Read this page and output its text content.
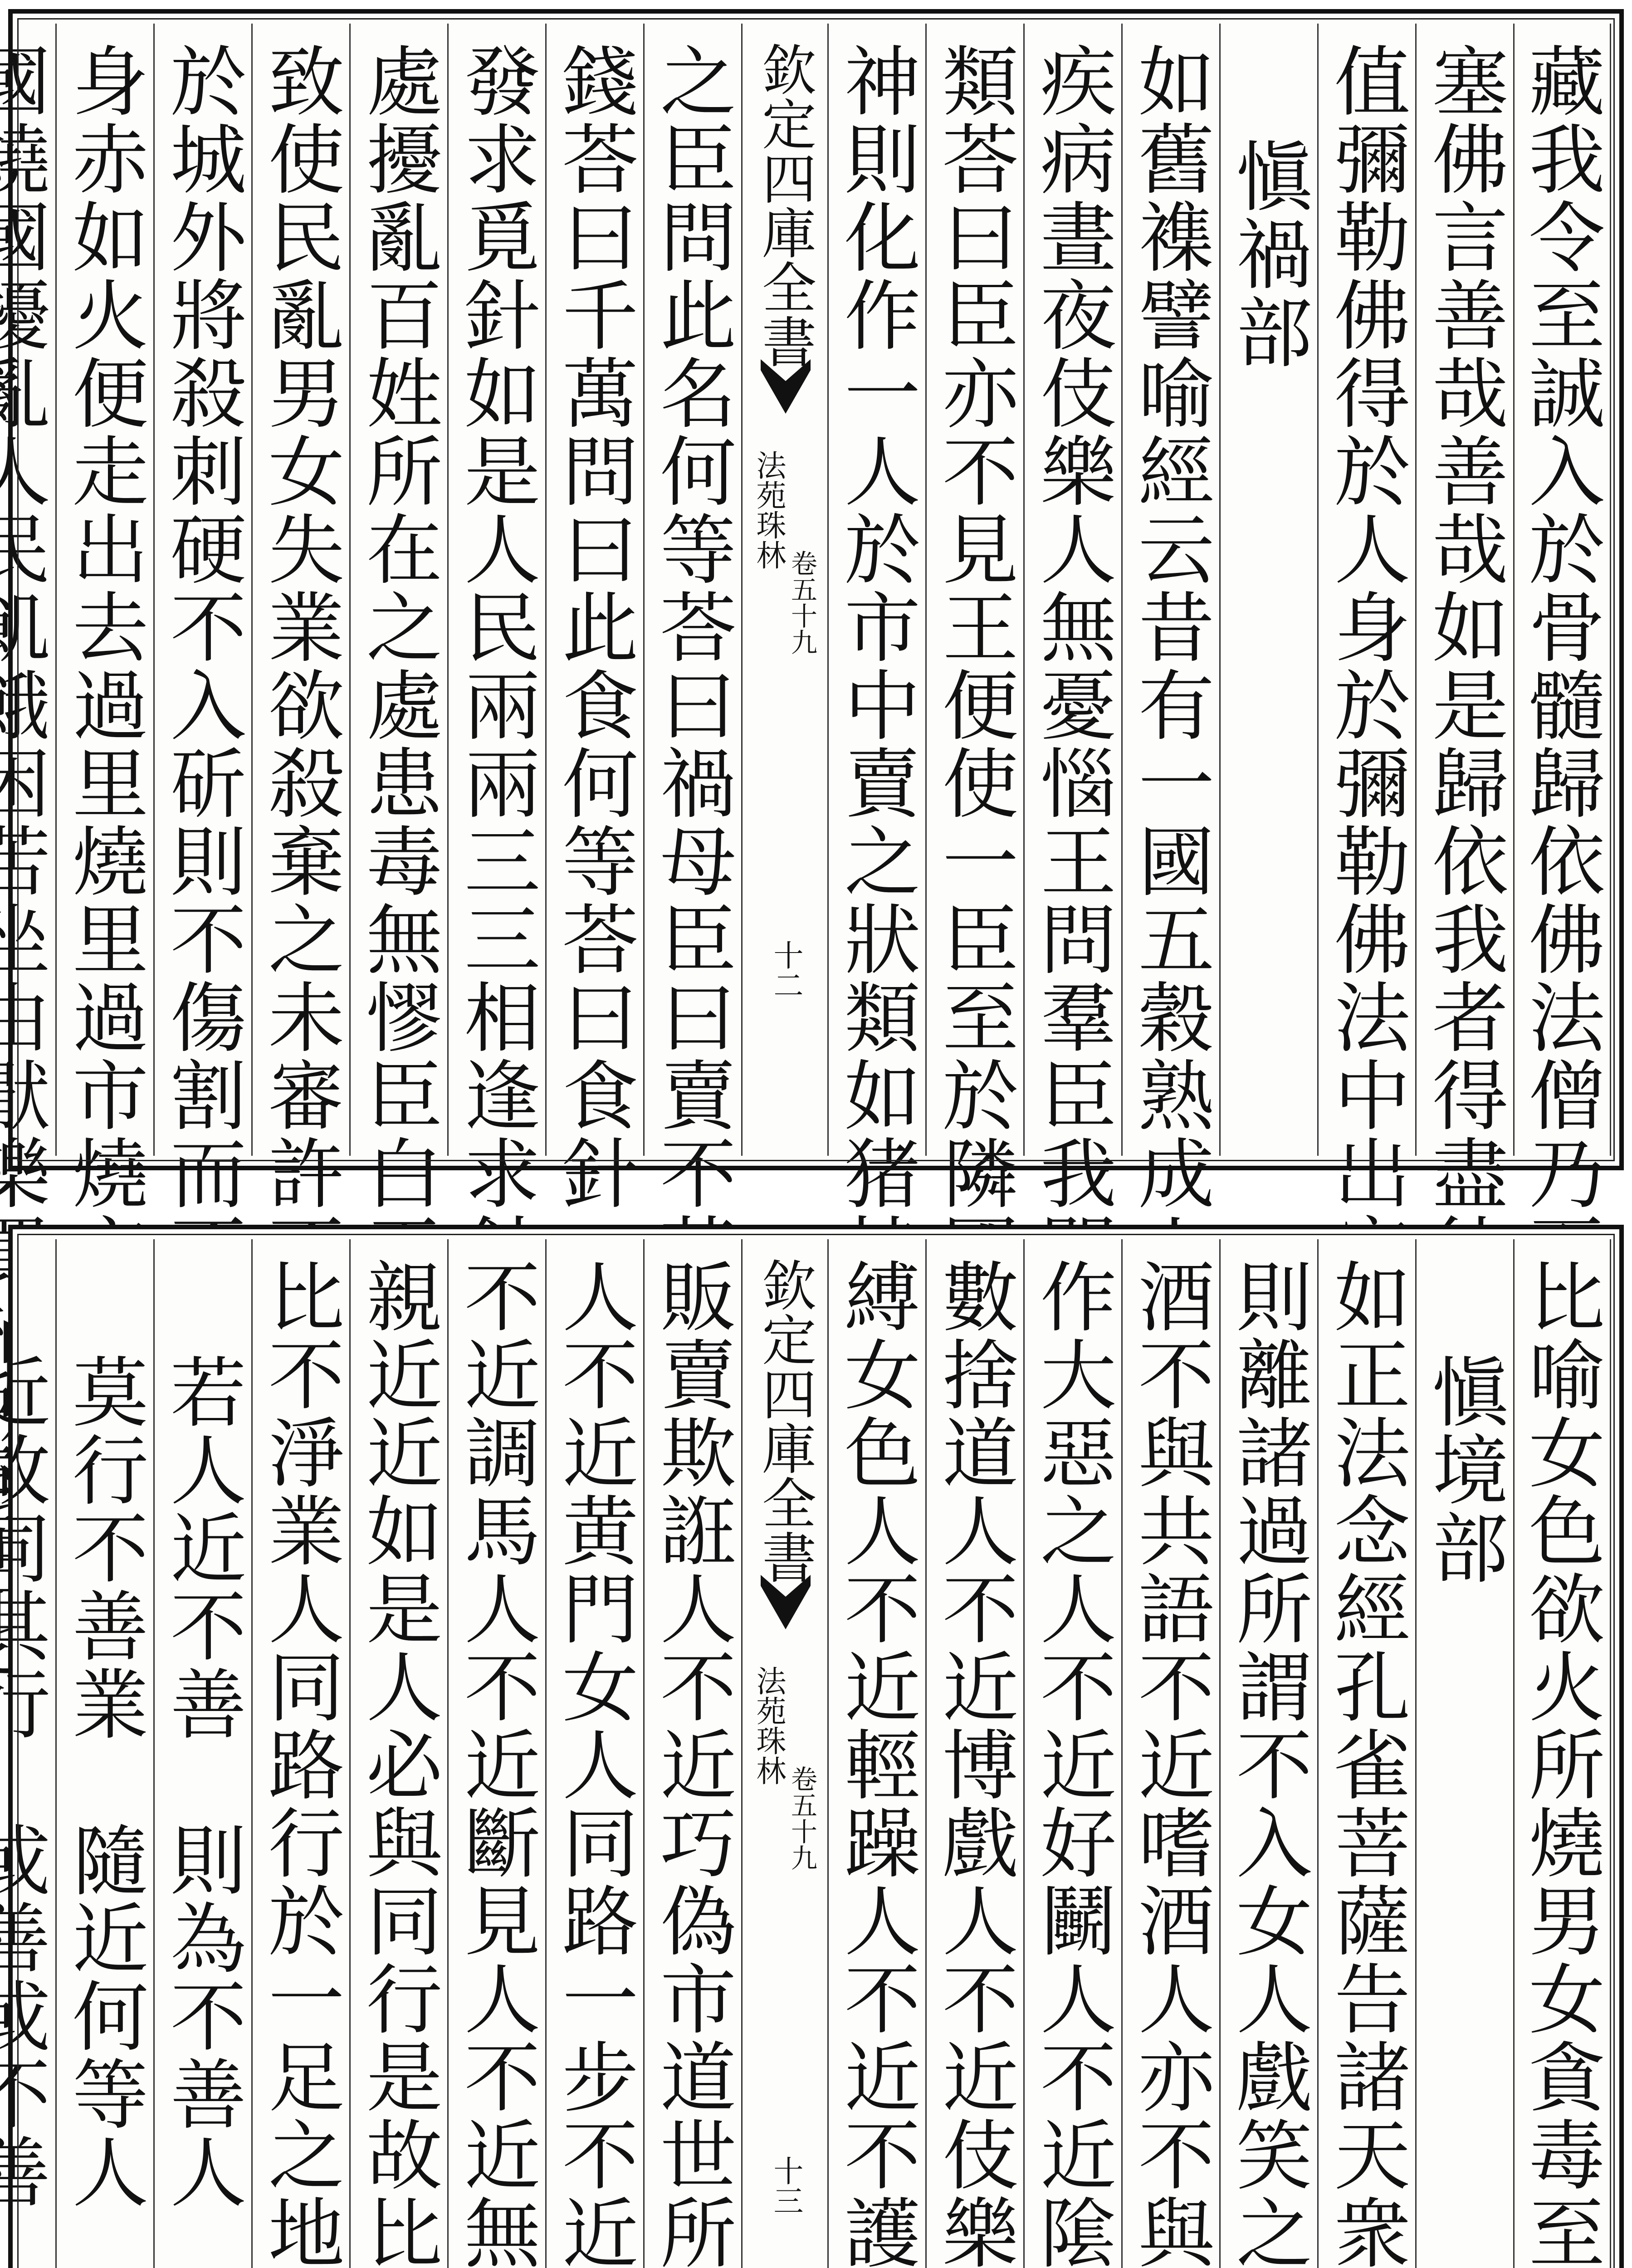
藏我令至誠入於骨髓歸依佛法僧乃至壽盡作優婆
塞佛言善哉善哉如是歸依我者得盡彼業此中死已
值彌勒佛得於人身於彌勒佛法中出家證羅漢果
愼禍部
如舊襍譬喻經云昔有一國五穀熟成人民安寧無有
疾病晝夜伎樂人無憂惱王問羣臣我聞天下有禍何
類荅曰臣亦不見王便使一臣至於隣國求覓買之天
神則化作一人於市中賣之狀類如猪持鐵鏁繫縛賣
欽定四庫全書
法苑珠林
卷五十九
十二
之臣問此名何等荅曰禍母臣曰賣不荅曰賣問索幾
錢荅曰千萬問曰此食何等荅曰食針一升臣便家家
發求覓針如是人民兩兩三三相逢求針使諸郡縣處
處擾亂百姓所在之處患毒無憀臣白王曰雖得禍母
致使民亂男女失業欲殺棄之未審許不王言大善便
於城外將殺刺硬不入斫則不傷割而不死積薪燒之
身赤如火便走出去過里燒里過市燒市入城燒城入
國燒國擾亂人民飢餓困苦坐由猒樂買禍所致苦也
比喻女色欲火所燒男女貪毒至死不知苦也
愼境部
如正法念經孔雀菩薩告諸天衆若有比丘畏於惡名
則離諸過所謂不入女人戲笑之處不入酒肆不近沽
酒不與共語不近嗜酒人亦不與語不近賊人不近先
作大惡之人不近好鬭人不近隂惡懷毒人不近無恒
數捨道人不近博戲人不近伎樂人不近小兒不近繫
縛女色人不近輕躁人不近不護口人不近貪人不近
欽定四庫全書
法苑珠林
卷五十九
十三
販賣欺誑人不近巧偽市道世所惡賤人不近掘河池
人不近黄門女人同路一步不近調象人不近魁膾人
不近調馬人不近斷見人不近無戒人如是惡人不應
親近近如是人必與同行是故比丘當畏惡名不應與
比不淨業人同路行於一足之地而說頌曰
若人近不善　則為不善人　是故應離惡
莫行不善業　隨近何等人　數數相親近
近故同其行　或善或不善　
